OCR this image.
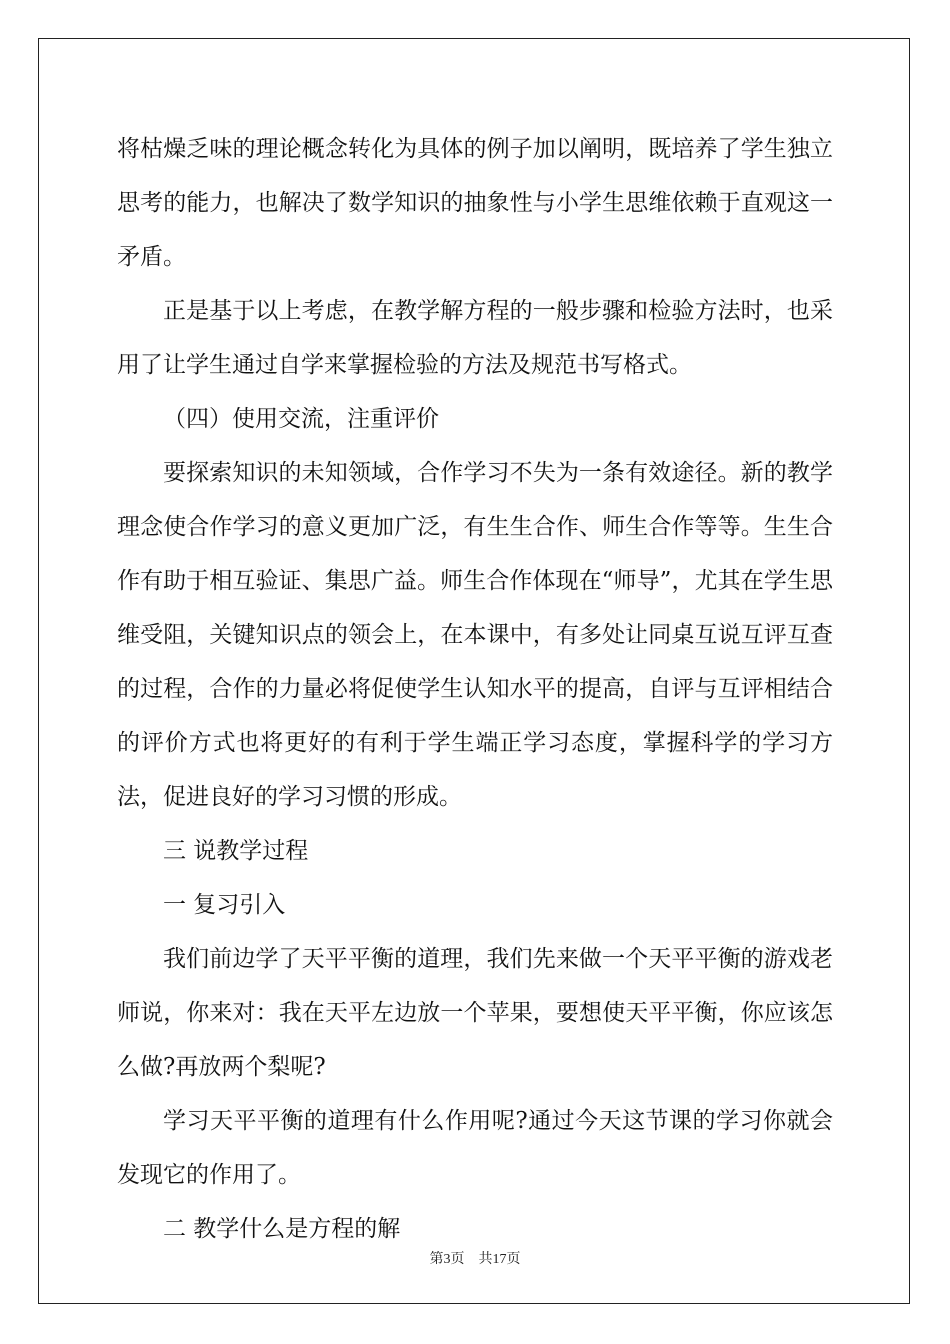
将枯燥乏味的理论概念转化为具体的例子加以阐明，既培养了学生独立思考的能力，也解决了数学知识的抽象性与小学生思维依赖于直观这一矛盾。

正是基于以上考虑，在教学解方程的一般步骤和检验方法时，也采用了让学生通过自学来掌握检验的方法及规范书写格式。

（四）使用交流，注重评价

要探索知识的未知领域，合作学习不失为一条有效途径。新的教学理念使合作学习的意义更加广泛，有生生合作、师生合作等等。生生合作有助于相互验证、集思广益。师生合作体现在“师导”，尤其在学生思维受阻，关键知识点的领会上，在本课中，有多处让同桌互说互评互查的过程，合作的力量必将促使学生认知水平的提高，自评与互评相结合的评价方式也将更好的有利于学生端正学习态度，掌握科学的学习方法，促进良好的学习习惯的形成。

三 说教学过程

一 复习引入

我们前边学了天平平衡的道理，我们先来做一个天平平衡的游戏老师说，你来对：我在天平左边放一个苹果，要想使天平平衡，你应该怎么做?再放两个梨呢?

学习天平平衡的道理有什么作用呢?通过今天这节课的学习你就会发现它的作用了。

二 教学什么是方程的解

第3页　共17页
